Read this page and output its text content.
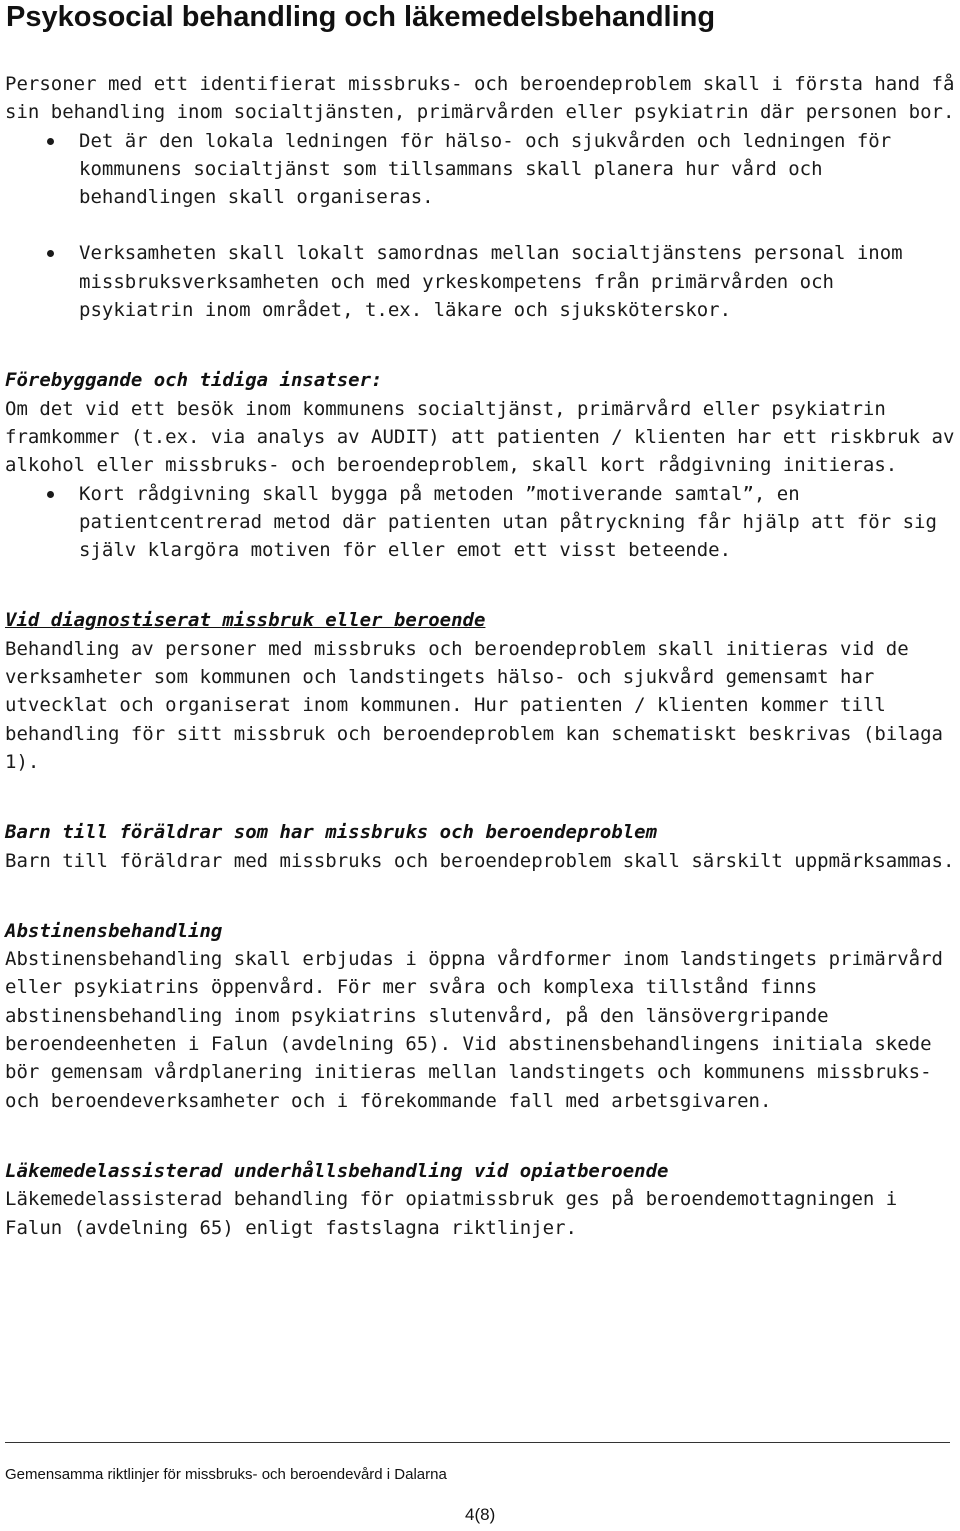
Psykosocial behandling och läkemedelsbehandling

Personer med ett identifierat missbruks- och beroendeproblem skall i första hand få sin behandling inom socialtjänsten, primärvården eller psykiatrin där personen bor.

Det är den lokala ledningen för hälso- och sjukvården och ledningen för kommunens socialtjänst som tillsammans skall planera hur vård och behandlingen skall organiseras.
Verksamheten skall lokalt samordnas mellan socialtjänstens personal inom missbruksverksamheten och med yrkeskompetens från primärvården och psykiatrin inom området, t.ex. läkare och sjuksköterskor.

Förebyggande och tidiga insatser:

Om det vid ett besök inom kommunens socialtjänst, primärvård eller psykiatrin framkommer (t.ex. via analys av AUDIT) att patienten / klienten har ett riskbruk av alkohol eller missbruks- och beroendeproblem, skall kort rådgivning initieras.

Kort rådgivning skall bygga på metoden ”motiverande samtal”, en patientcentrerad metod där patienten utan påtryckning får hjälp att för sig själv klargöra motiven för eller emot ett visst beteende.

Vid diagnostiserat missbruk eller beroende

Behandling av personer med missbruks och beroendeproblem skall initieras vid de verksamheter som kommunen och landstingets hälso- och sjukvård gemensamt har utvecklat och organiserat inom kommunen. Hur patienten / klienten kommer till behandling för sitt missbruk och beroendeproblem kan schematiskt beskrivas (bilaga 1).

Barn till föräldrar som har missbruks och beroendeproblem

Barn till föräldrar med missbruks och beroendeproblem skall särskilt uppmärksammas.

Abstinensbehandling

Abstinensbehandling skall erbjudas i öppna vårdformer inom landstingets primärvård eller psykiatrins öppenvård. För mer svåra och komplexa tillstånd finns abstinensbehandling inom psykiatrins slutenvård, på den länsövergripande beroendeenheten i Falun (avdelning 65). Vid abstinensbehandlingens initiala skede bör gemensam vårdplanering initieras mellan landstingets och kommunens missbruks- och beroendeverksamheter och i förekommande fall med arbetsgivaren.

Läkemedelassisterad underhållsbehandling vid opiatberoende

Läkemedelassisterad behandling för opiatmissbruk ges på beroendemottagningen i Falun (avdelning 65) enligt fastslagna riktlinjer.

Gemensamma riktlinjer för missbruks- och beroendevård i Dalarna
4(8)
